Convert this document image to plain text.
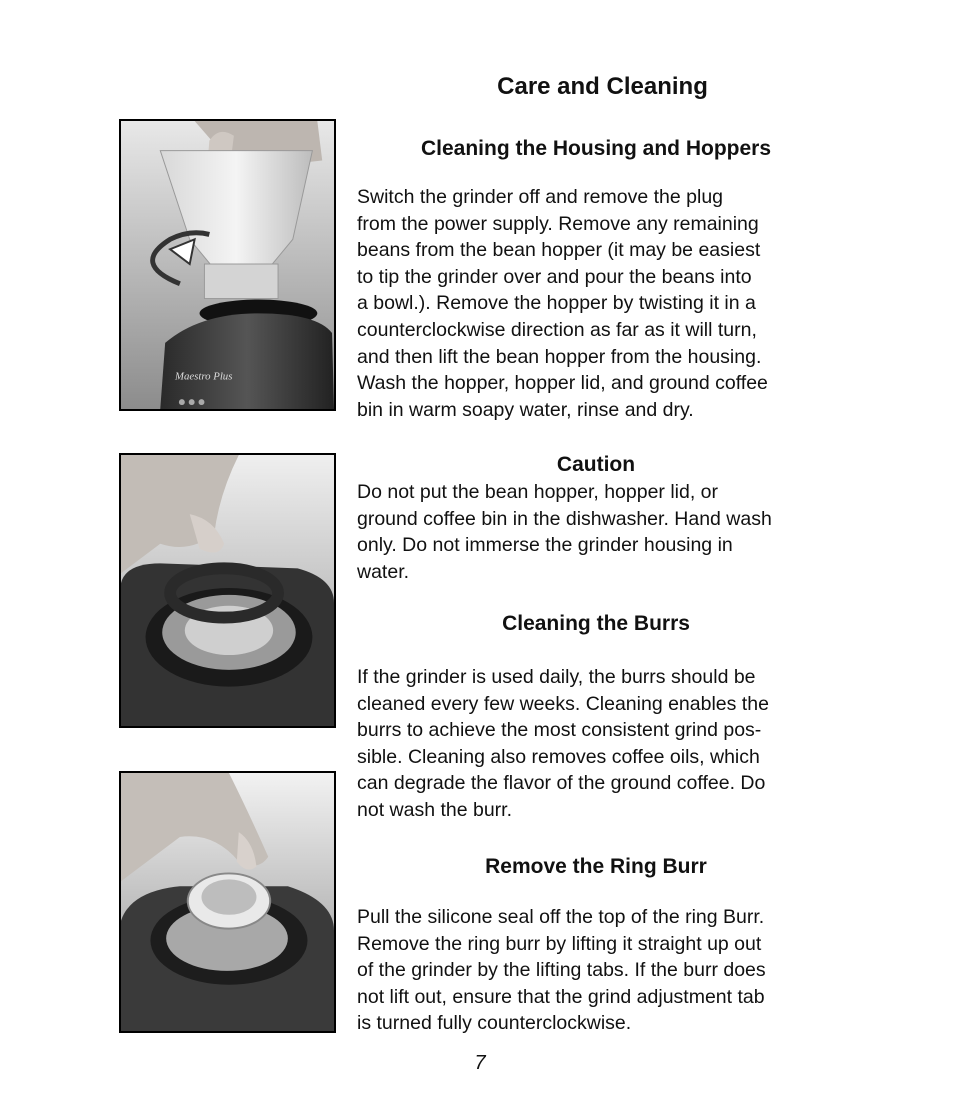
Care and Cleaning
Maestro Plus
Cleaning the Housing and Hoppers
Switch the grinder off and remove the plug
from the power supply. Remove any remaining
beans from the bean hopper (it may be easiest
to tip the grinder over and pour the beans into
a bowl.). Remove the hopper by twisting it in a
counterclockwise direction as far as it will turn,
and then lift the bean hopper from the housing.
Wash the hopper, hopper lid, and ground coffee
bin in warm soapy water, rinse and dry.
Caution
Do not put the bean hopper, hopper lid, or
ground coffee bin in the dishwasher. Hand wash
only. Do not immerse the grinder housing in
water.
Cleaning the Burrs
If the grinder is used daily, the burrs should be
cleaned every few weeks. Cleaning enables the
burrs to achieve the most consistent grind pos-
sible. Cleaning also removes coffee oils, which
can degrade the flavor of the ground coffee. Do
not wash the burr.
Remove the Ring Burr
Pull the silicone seal off the top of the ring Burr.
Remove the ring burr by lifting it straight up out
of the grinder by the lifting tabs. If the burr does
not lift out, ensure that the grind adjustment tab
is turned fully counterclockwise.
7
